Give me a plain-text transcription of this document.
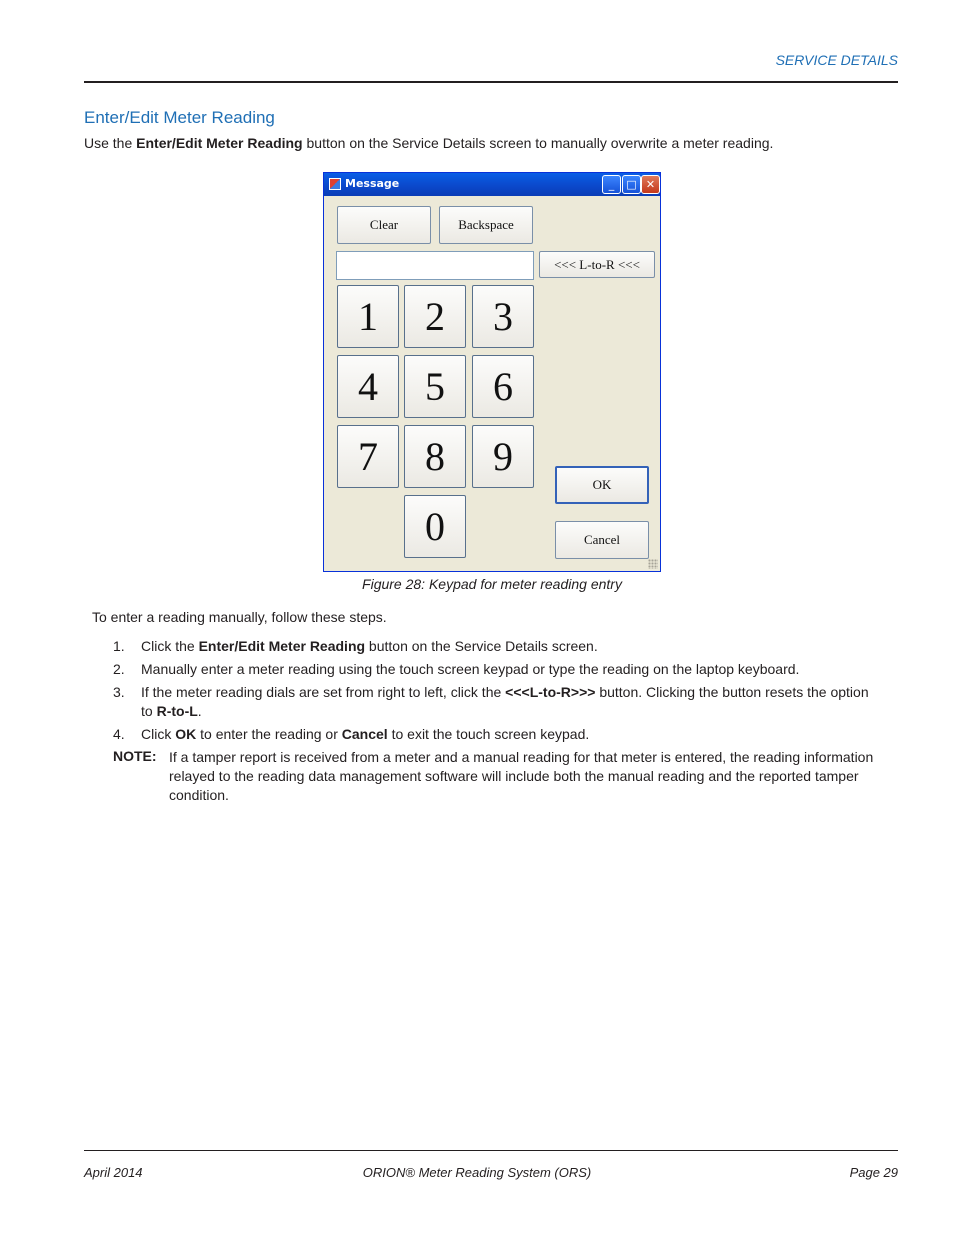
SERVICE DETAILS
Enter/Edit Meter Reading
Use the Enter/Edit Meter Reading button on the Service Details screen to manually overwrite a meter reading.
Message	_	□ ✕
Clear	Backspace
<<< L-to-R <<<
1	2	3
4	5	6
7	8	9
0
OK
Cancel
Figure 28: Keypad for meter reading entry
To enter a reading manually, follow these steps.
1. Click the Enter/Edit Meter Reading button on the Service Details screen.
2. Manually enter a meter reading using the touch screen keypad or type the reading on the laptop keyboard.
3. If the meter reading dials are set from right to left, click the <<<L-to-R>>> button. Clicking the button resets the option to R-to-L.
4. Click OK to enter the reading or Cancel to exit the touch screen keypad.
NOTE: If a tamper report is received from a meter and a manual reading for that meter is entered, the reading information relayed to the reading data management software will include both the manual reading and the reported tamper condition.
April 2014	ORION® Meter Reading System (ORS)	Page 29
